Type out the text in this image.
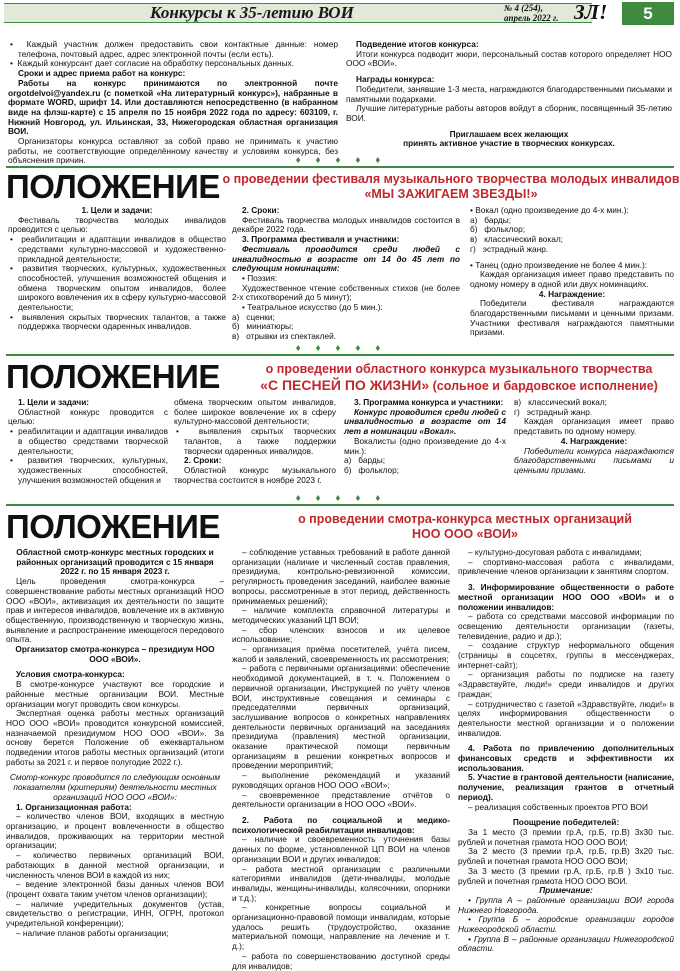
Конкурсы к 35-летию ВОИ	№ 4 (254),
апрель 2022 г. ЗЛ!	5

•  Каждый участник должен предоставить свои контактные данные: номер телефона, почтовый адрес, адрес электронной почты (если есть).

•  Каждый конкурсант дает согласие на обработку персональных данных.

Сроки и адрес приема работ на конкурс:

Работы на конкурс принимаются по электронной почте orgotdelvoi@yandex.ru (с пометкой «На литературный конкурс»), набранные в формате WORD, шрифт 14. Или доставляются непосредственно (в набранном виде на флэш-карте) с 15 апреля по 15 ноября 2022 года по адресу: 603109, г. Нижний Новгород, ул. Ильинская, 33, Нижегородская областная организация ВОИ.

Организаторы конкурса оставляют за собой право не принимать к участию работы, не соответствующие определённому качеству и условиям конкурса, без объяснения причин.

Подведение итогов конкурса:

Итоги конкурса подводит жюри, персональный состав которого определяет НОО ООО «ВОИ».

Награды конкурса:

Победители, занявшие 1-3 места, награждаются благодарственными письмами и памятными подарками.

Лучшие литературные работы авторов войдут в сборник, посвященный 35-летию ВОИ.

Приглашаем всех желающих

принять активное участие в творческих конкурсах.

♦ ♦ ♦ ♦ ♦
ПОЛОЖЕНИЕ о проведении фестиваля музыкального творчества молодых инвалидов
«МЫ ЗАЖИГАЕМ ЗВЕЗДЫ!»

1. Цели и задачи:

Фестиваль творчества молодых инвалидов проводится с целью:

•  реабилитации и адаптации инвалидов в общество средствами культурно-массовой и художественно-прикладной деятельности;

•  развития творческих, культурных, художественных способностей, улучшения возможностей общения и обмена творческим опытом инвалидов, более широкого вовлечения их в сферу культурно-массовой деятельности;

•  выявления скрытых творческих талантов, а также поддержка творчески одаренных инвалидов.

2. Сроки:

Фестиваль творчества молодых инвалидов состоится в декабре 2022 года.

3. Программа фестиваля и участники:

Фестиваль проводится среди людей с инвалидностью в возрасте от 14 до 45 лет по следующим номинациям:

• Поэзия:

Художественное чтение собственных стихов (не более 2-х стихотворений до 5 минут);

• Театральное искусство (до 5 мин.):

а)   сценки;

б)   миниатюры;

в)   отрывки из спектаклей.

• Вокал (одно произведение до 4-х мин.):

а)   барды;

б)   фольклор;

в)   классический вокал;

г)   эстрадный жанр.

• Танец (одно произведение не более 4 мин.):

Каждая организация имеет право представить по одному номеру в одной или двух номинациях.

4. Награждение:

Победители фестиваля награждаются благодарственными письмами и ценными призами. Участники фестиваля награждаются памятными призами.

♦ ♦ ♦ ♦ ♦
ПОЛОЖЕНИЕ	о проведении областного конкурса музыкального творчества
«С ПЕСНЕЙ ПО ЖИЗНИ» (сольное и бардовское исполнение)

1. Цели и задачи:

Областной конкурс проводится с целью:

•  реабилитации и адаптации инвалидов в общество средствами творческой деятельности;

•  развития творческих, культурных, художественных способностей, улучшения возможностей общения и

обмена творческим опытом инвалидов, более широкое вовлечение их в сферу культурно-массовой деятельности;

•  выявления скрытых творческих талантов, а также поддержки творчески одаренных инвалидов.

2. Сроки:

Областной конкурс музыкального творчества состоится в ноябре 2023 г.

3. Программа конкурса и участники:

Конкурс проводится среди людей с инвалидностью в возрасте от 14 лет в номинации «Вокал».

Вокалисты (одно произведение до 4-х мин.):

а)   барды;

б)   фольклор;

в)   классический вокал;

г)   эстрадный жанр.

Каждая организация имеет право представить по одному номеру.

4. Награждение:

Победители конкурса награждаются благодарственными письмами и ценными призами.

♦ ♦ ♦ ♦ ♦
ПОЛОЖЕНИЕ	о проведении смотра-конкурса местных организаций
НОО ООО «ВОИ»

Областной смотр-конкурс местных городских и районных организаций проводится с 15 января 2022 г. по 15 января 2023 г.

Цель проведения смотра-конкурса – совершенствование работы местных организаций НОО ООО «ВОИ», активизация их деятельности по защите прав и интересов инвалидов, вовлечение их в активную общественную, производственную и творческую жизнь, выявление и распространение имеющегося передового опыта.

Организатор смотра-конкурса – президиум НОО ООО «ВОИ».

Условия смотра-конкурса:

В смотре-конкурсе участвуют все городские и районные местные организации ВОИ. Местные организации могут проводить свои конкурсы.

Экспертная оценка работы местных организаций НОО ООО «ВОИ» проводится конкурсной комиссией, назначаемой президиумом НОО ООО «ВОИ». За основу берется Положение об ежеквартальном подведении итогов работы местных организаций (итоги работы за 2021 г. и первое полугодие 2022 г.).

Смотр-конкурс проводится по следующим основным показателям (критериям) деятельности местных организаций НОО ООО «ВОИ»:

1. Организационная работа:

– количество членов ВОИ, входящих в местную организацию, и процент вовлеченности в общество инвалидов, проживающих на территории местной организации;

– количество первичных организаций ВОИ, работающих в данной местной организации, и численность членов ВОИ в каждой из них;

– ведение электронной базы данных членов ВОИ (процент охвата таким учетом членов организации);

– наличие учредительных документов (устав, свидетельство о регистрации, ИНН, ОГРН, протокол учредительной конференции);

– наличие планов работы организации;

– соблюдение уставных требований в работе данной организации (наличие и численный состав правления, президиума, контрольно-ревизионной комиссии, регулярность проведения заседаний, наиболее важные вопросы, рассмотренные в этот период, действенность принимаемых решений);

– наличие комплекта справочной литературы и методических указаний ЦП ВОИ;

– сбор членских взносов и их целевое использование;

– организация приёма посетителей, учёта писем, жалоб и заявлений, своевременность их рассмотрения;

– работа с первичными организациями: обеспечение необходимой документацией, в т. ч. Положением о первичной организации, Инструкцией по учёту членов ВОИ, инструктивные совещания и семинары с председателями первичных организаций, заслушивание вопросов о конкретных направлениях деятельности первичных организаций на заседаниях президиума (правления) местной организации, оказание практической помощи первичным организациям в решении конкретных вопросов и проведении мероприятий;

– выполнение рекомендаций и указаний руководящих органов НОО ООО «ВОИ»;

– своевременное представление отчётов о деятельности организации в НОО ООО «ВОИ».

2. Работа по социальной и медико-психологической реабилитации инвалидов:

– наличие и своевременность уточнения базы данных по форме, установленной ЦП ВОИ на членов организации ВОИ и других инвалидов;

– работа местной организации с различными категориями инвалидов (дети-инвалиды, молодые инвалиды, женщины-инвалиды, колясочники, опорники и т.д.);

– конкретные вопросы социальной и организационно-правовой помощи инвалидам, которые удалось решить (трудоустройство, оказание материальной помощи, направление на лечение и т. д.);

– работа по совершенствованию доступной среды для инвалидов;

– культурно-досуговая работа с инвалидами;

– спортивно-массовая работа с инвалидами, привлечение членов организации к занятиям спортом.

3. Информирование общественности о работе местной организации НОО ООО «ВОИ» и о положении инвалидов:

– работа со средствами массовой информации по освещению деятельности организации (газеты, телевидение, радио и др.);

– создание структур неформального общения (страницы в соцсетях, группы в мессенджерах, интернет-сайт);

– организация работы по подписке на газету «Здравствуйте, люди!» среди инвалидов и других граждан;

– сотрудничество с газетой «Здравствуйте, люди!» в целях информирования общественности о деятельности местной организации и о положении инвалидов.

4. Работа по привлечению дополнительных финансовых средств и эффективности их использования.

5. Участие в грантовой деятельности (написание, получение, реализация грантов в отчетный период).

– реализация собственных проектов РГО ВОИ

Поощрение победителей:

За 1 место (3 премии гр.А, гр.Б, гр.В) 3х30 тыс. рублей и почетная грамота НОО ООО ВОИ;

За 2 место (3 премии гр.А, гр.Б, гр.В) 3х20 тыс. рублей и почетная грамота НОО ООО ВОИ;

За 3 место (3 премии гр.А, гр.Б, гр.В ) 3х10 тыс. рублей и почетная грамота НОО ООО ВОИ.

Примечание:

• Группа А – районные организации ВОИ города Нижнего Новгорода.

• Группа Б – городские организации городов Нижегородской области.

• Группа В – районные организации Нижегородской области.
